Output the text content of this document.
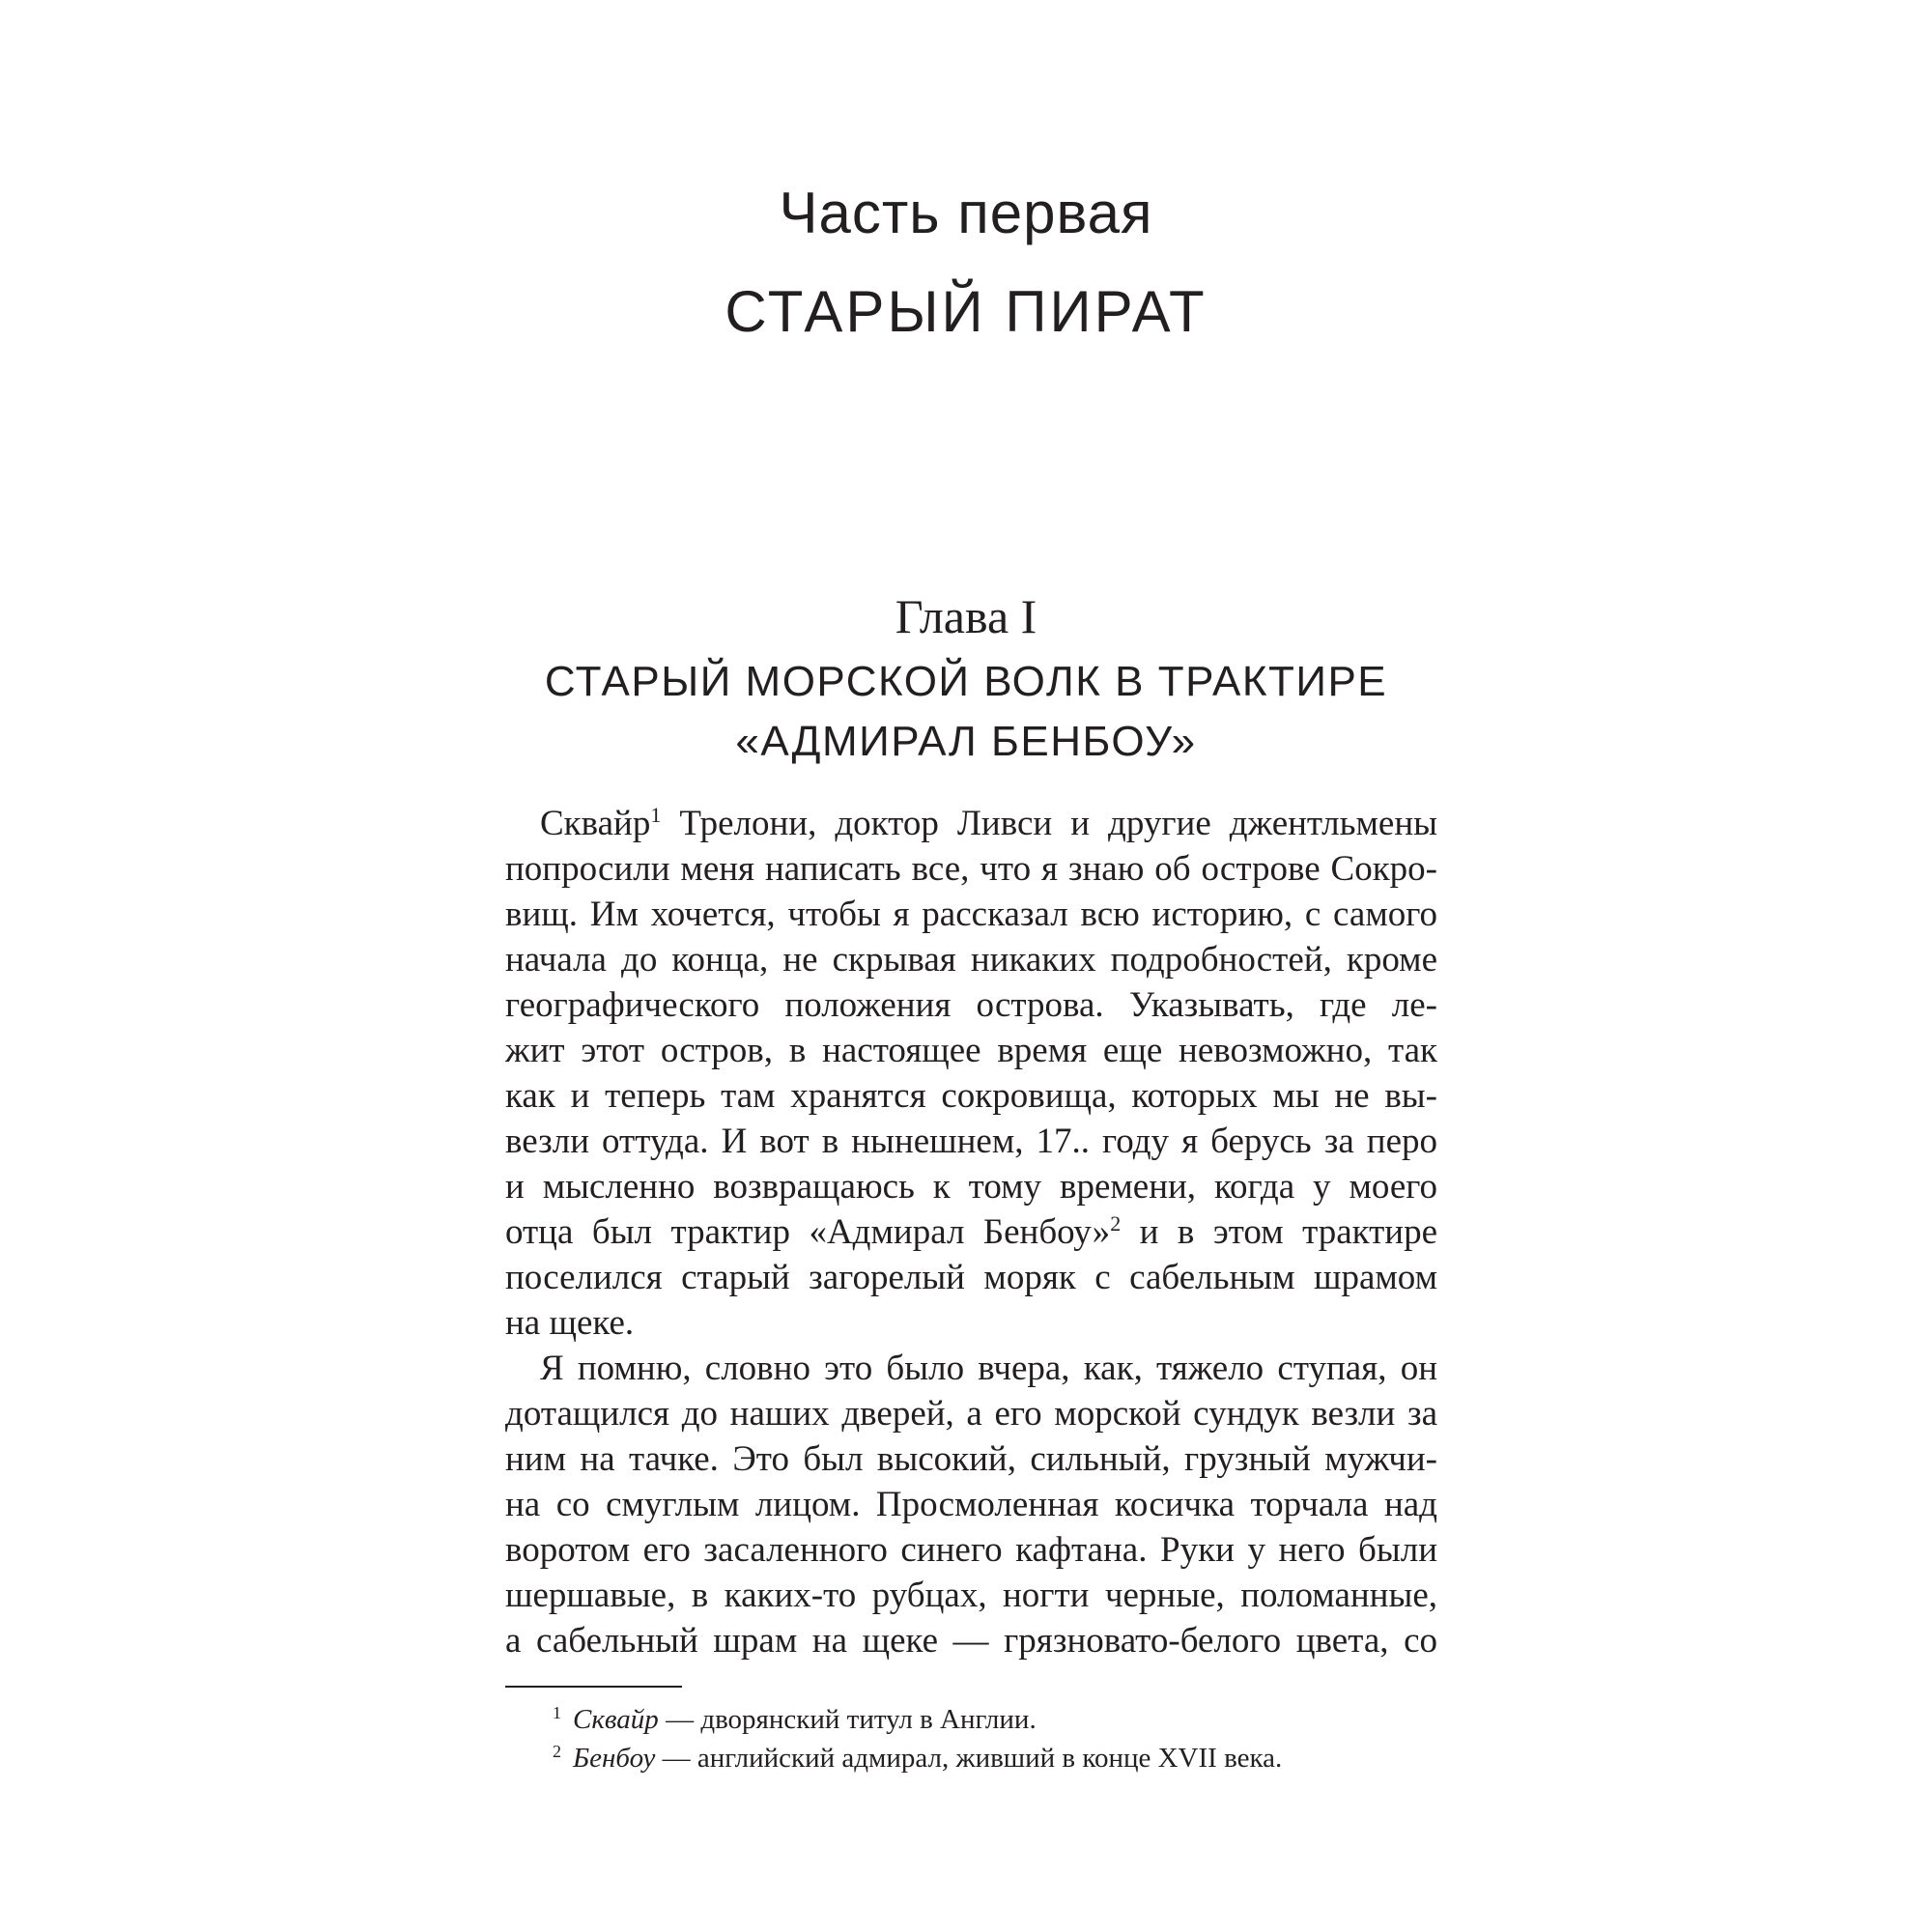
Часть первая
СТАРЫЙ ПИРАТ
Глава I
СТАРЫЙ МОРСКОЙ ВОЛК В ТРАКТИРЕ
«АДМИРАЛ БЕНБОУ»
Сквайр$^1$ Трелони, доктор Ливси и другие джентльмены
попросили меня написать все, что я знаю об острове Сокро-
вищ. Им хочется, чтобы я рассказал всю историю, с самого
начала до конца, не скрывая никаких подробностей, кроме
географического положения острова. Указывать, где ле-
жит этот остров, в настоящее время еще невозможно, так
как и теперь там хранятся сокровища, которых мы не вы-
везли оттуда. И вот в нынешнем, 17.. году я берусь за перо
и мысленно возвращаюсь к тому времени, когда у моего
отца был трактир «Адмирал Бенбоу»$^2$ и в этом трактире
поселился старый загорелый моряк с сабельным шрамом
на щеке.
Я помню, словно это было вчера, как, тяжело ступая, он
дотащился до наших дверей, а его морской сундук везли за
ним на тачке. Это был высокий, сильный, грузный мужчи-
на со смуглым лицом. Просмоленная косичка торчала над
воротом его засаленного синего кафтана. Руки у него были
шершавые, в каких-то рубцах, ногти черные, поломанные,
а сабельный шрам на щеке — грязновато-белого цвета, со
$^1$ Сквайр — дворянский титул в Англии.
$^2$ Бенбоу — английский адмирал, живший в конце XVII века.
